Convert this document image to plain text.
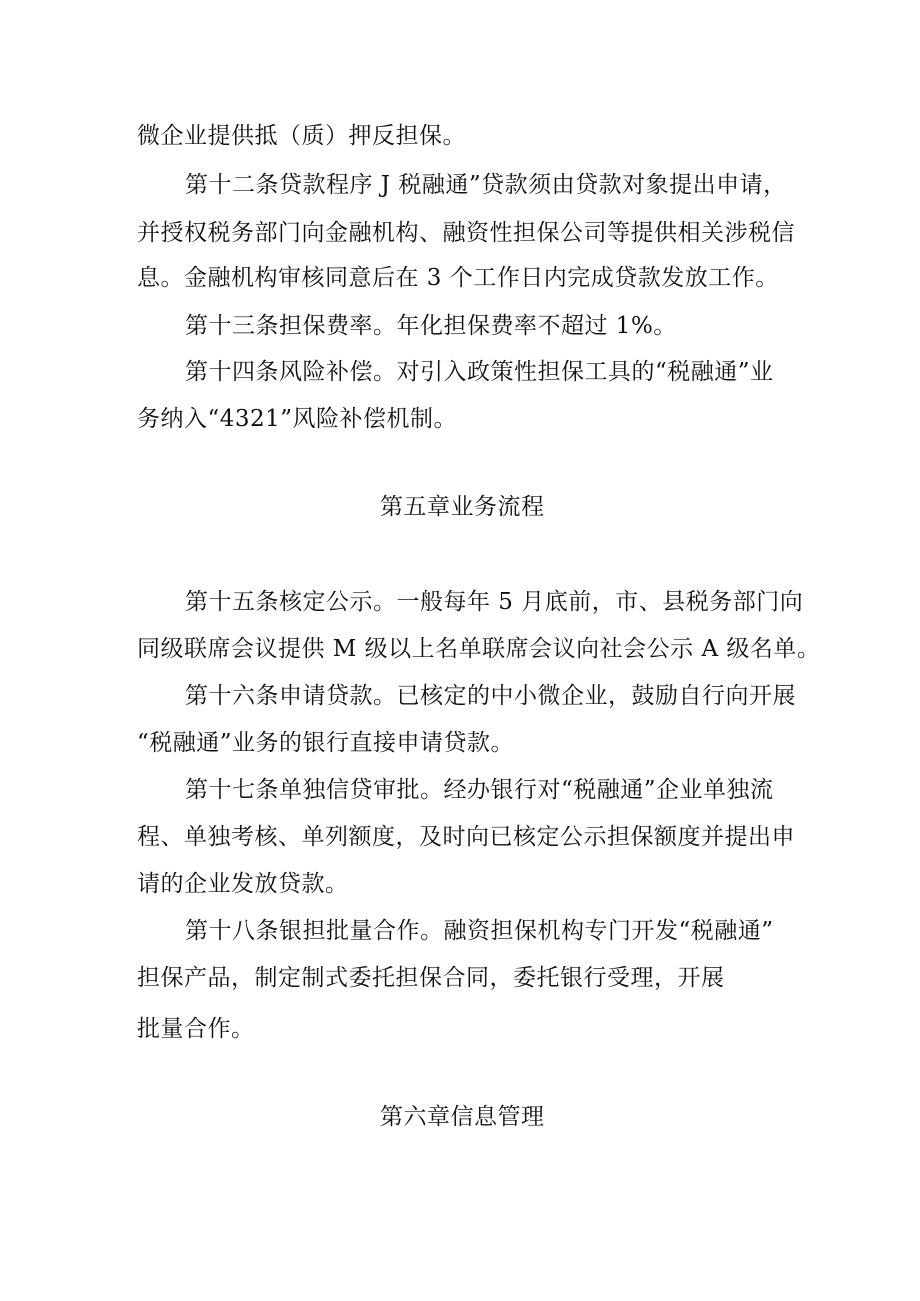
微企业提供抵（质）押反担保。
第十二条贷款程序 J 税融通”贷款须由贷款对象提出申请，
并授权税务部门向金融机构、融资性担保公司等提供相关涉税信
息。金融机构审核同意后在 3 个工作日内完成贷款发放工作。
第十三条担保费率。年化担保费率不超过 1%。
第十四条风险补偿。对引入政策性担保工具的“税融通”业
务纳入“4321”风险补偿机制。
第五章业务流程
第十五条核定公示。一般每年 5 月底前，市、县税务部门向
同级联席会议提供 M 级以上名单联席会议向社会公示 A 级名单。
第十六条申请贷款。已核定的中小微企业，鼓励自行向开展
“税融通”业务的银行直接申请贷款。
第十七条单独信贷审批。经办银行对“税融通”企业单独流
程、单独考核、单列额度，及时向已核定公示担保额度并提出申
请的企业发放贷款。
第十八条银担批量合作。融资担保机构专门开发“税融通”
担保产品，制定制式委托担保合同，委托银行受理，开展
批量合作。
第六章信息管理
